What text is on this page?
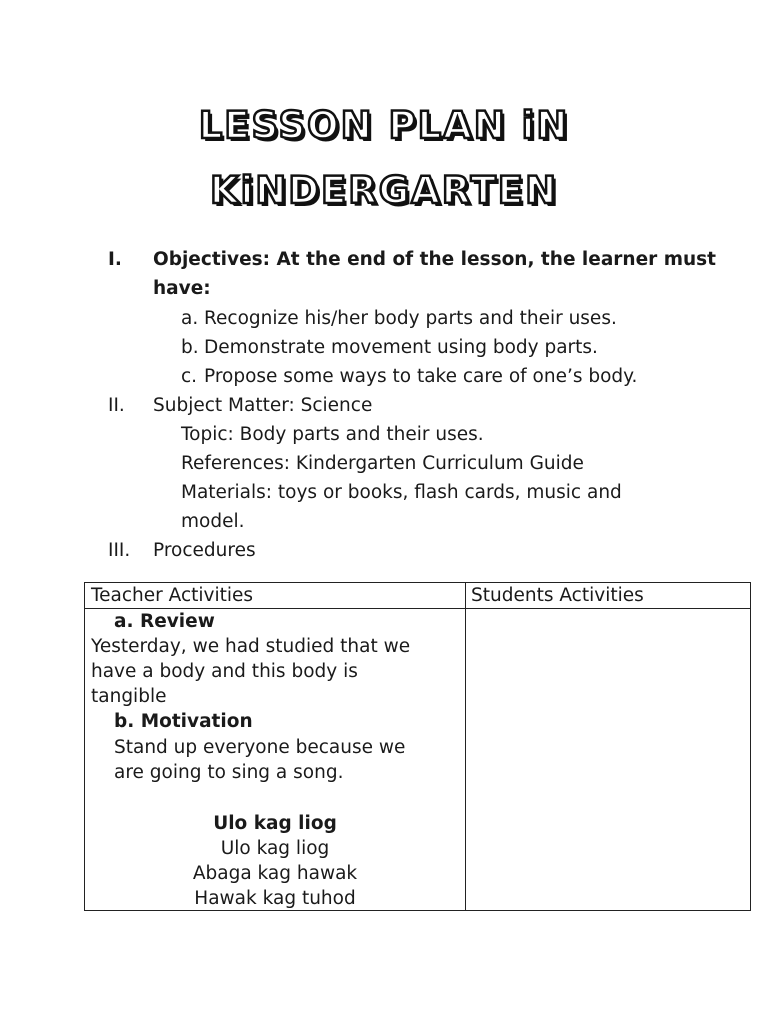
LESSON PLAN iN
KiNDERGARTEN
I. Objectives: At the end of the lesson, the learner must
have:
a. Recognize his/her body parts and their uses.
b. Demonstrate movement using body parts.
c. Propose some ways to take care of one’s body.
II. Subject Matter: Science
Topic: Body parts and their uses.
References: Kindergarten Curriculum Guide
Materials: toys or books, flash cards, music and
model.
III. Procedures
Teacher Activities	Students Activities
a. Review
Yesterday, we had studied that we
have a body and this body is
tangible
b. Motivation
Stand up everyone because we
are going to sing a song.
Ulo kag liog
Ulo kag liog
Abaga kag hawak
Hawak kag tuhod
